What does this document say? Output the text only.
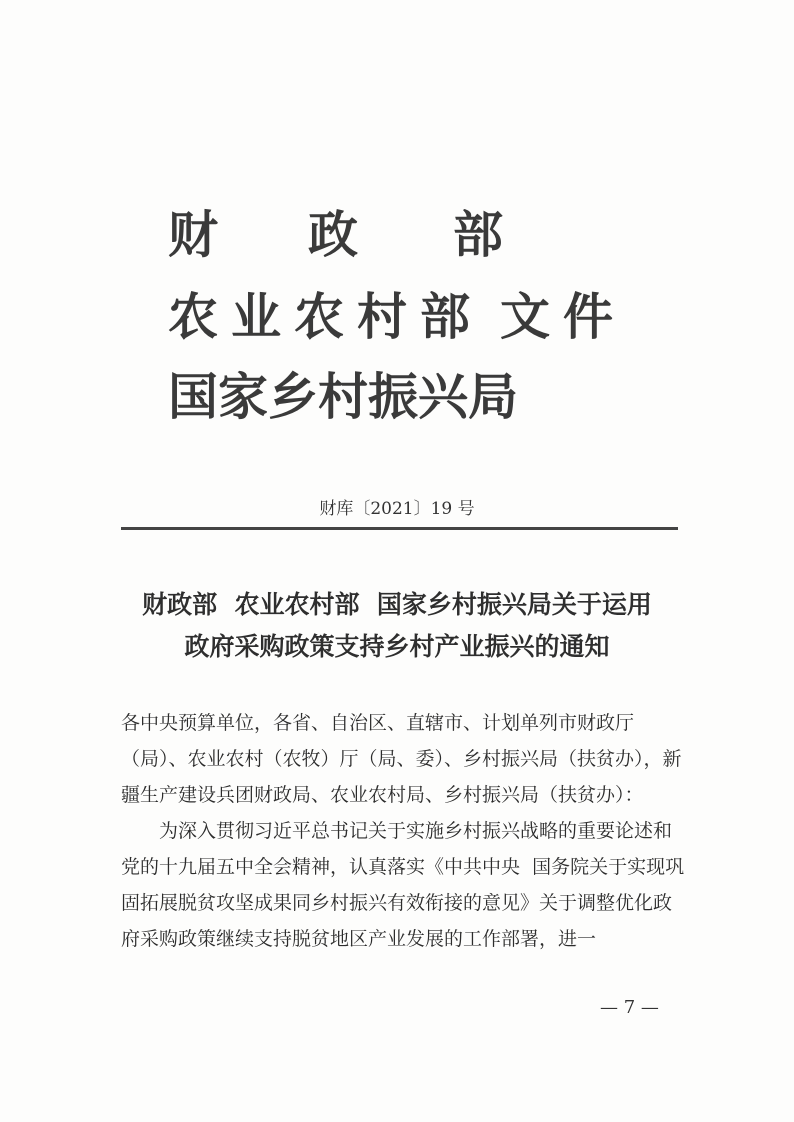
财 政 部
农 业 农 村 部 文 件
国家乡村振兴局
财库〔2021〕19 号
财政部  农业农村部  国家乡村振兴局关于运用
政府采购政策支持乡村产业振兴的通知

各中央预算单位，各省、自治区、直辖市、计划单列市财政厅（局）、农业农村（农牧）厅（局、委）、乡村振兴局（扶贫办），新疆生产建设兵团财政局、农业农村局、乡村振兴局（扶贫办）：

为深入贯彻习近平总书记关于实施乡村振兴战略的重要论述和党的十九届五中全会精神，认真落实《中共中央  国务院关于实现巩固拓展脱贫攻坚成果同乡村振兴有效衔接的意见》关于调整优化政府采购政策继续支持脱贫地区产业发展的工作部署，进一

— 7 —
